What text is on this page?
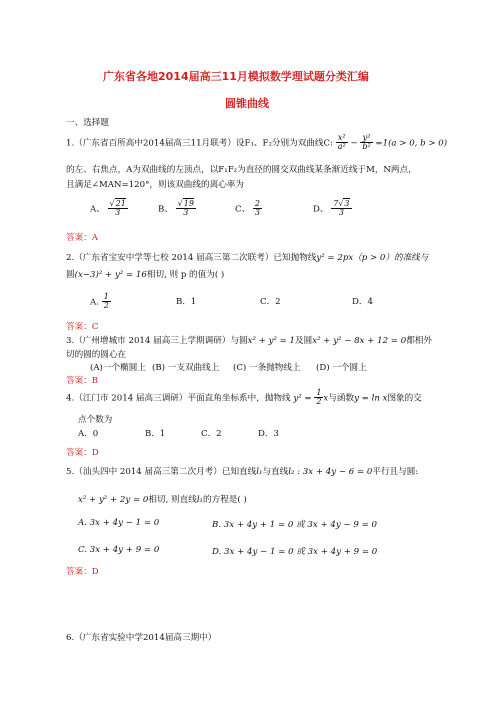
广东省各地2014届高三11月模拟数学理试题分类汇编
圆锥曲线
一、选择题
1.（广东省百所高中2014届高三11月联考）设F₁、F₂分别为双曲线C: $\frac{\text{x²}}{\text{a²}} - \frac{\text{y²}}{\text{b²}} =1(a > 0$, b > 0)
的左、右焦点，A为双曲线的左顶点，以F₁F₂为直径的圆交双曲线某条渐近线于M，N两点，
且满足∠MAN=120°，则该双曲线的离心率为
A、 $\frac{√21}{3}$	B、 $\frac{√19}{3}$	C、 $\frac{2}{3}$	D、 $\frac{7√3}{3}$
答案：A
2.（广东省宝安中学等七校 2014 届高三第二次联考）已知抛物线y² = 2px（p > 0）的准线与
圆(x−3)² + y² = 16相切, 则 p 的值为( )
A. $\frac{1}{2}$	B．1	C．2	D．4
答案：C
3.（广州增城市 2014 届高三上学期调研）与圆x² + y² = 1及圆x² + y² − 8x + 12 = 0都相外
切的圆的圆心在
(A)一个椭圆上 (B) 一支双曲线上 (C) 一条抛物线上 (D) 一个圆上
答案：B
4.（江门市 2014 届高三调研）平面直角坐标系中，抛物线 $y^2 = \frac{1}{2}$ x与函数y = ln x图象的交
点个数为
A．0	B．1	C．2	D．3
答案：D
5.（汕头四中 2014 届高三第二次月考）已知直线l₁与直线l₂ : 3x + 4y − 6 = 0平行且与圆:
x² + y² + 2y = 0相切, 则直线l₁的方程是( )
A. 3x + 4y − 1 = 0	B. 3x + 4y + 1 = 0 或 3x + 4y − 9 = 0
C. 3x + 4y + 9 = 0	D. 3x + 4y − 1 = 0 或 3x + 4y + 9 = 0
答案：D
6.（广东省实验中学2014届高三期中）
